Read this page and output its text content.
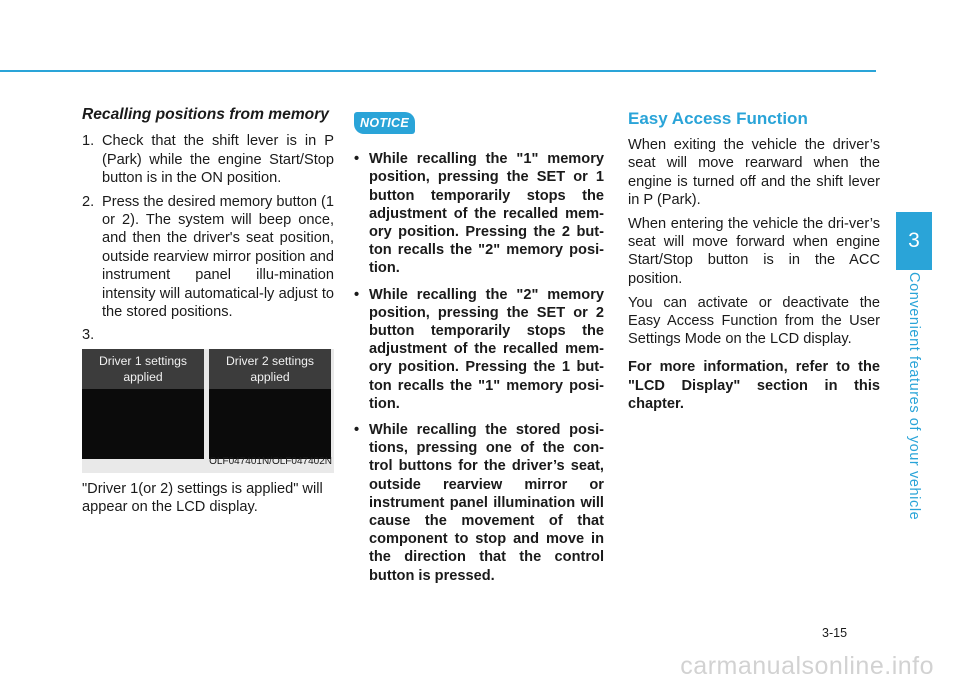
Recalling positions from memory
1. Check that the shift lever is in P (Park) while the engine Start/Stop button is in the ON position.
2. Press the desired memory button (1 or 2). The system will beep once, and then the driver's seat position, outside rearview mirror position and instrument panel illu-mination intensity will automatical-ly adjust to the stored positions.
3.
Driver 1 settings
applied
Driver 2 settings
applied
OLF047401N/OLF047402N
"Driver 1(or 2) settings is applied" will appear on the LCD display.
NOTICE
• While recalling the "1" memory position, pressing the SET or 1 button temporarily stops the adjustment of the recalled mem-ory position. Pressing the 2 but-ton recalls the "2" memory posi-tion.
• While recalling the "2" memory position, pressing the SET or 2 button temporarily stops the adjustment of the recalled mem-ory position. Pressing the 1 but-ton recalls the "1" memory posi-tion.
• While recalling the stored posi-tions, pressing one of the con-trol buttons for the driver’s seat, outside rearview mirror or instrument panel illumination will cause the movement of that component to stop and move in the direction that the control button is pressed.
Easy Access Function

When exiting the vehicle the driver’s seat will move rearward when the engine is turned off and the shift lever in P (Park).

When entering the vehicle the dri-ver’s seat will move forward when engine Start/Stop button is in the ACC position.

You can activate or deactivate the Easy Access Function from the User Settings Mode on the LCD display.

For more information, refer to the "LCD Display" section in this chapter.

3
Convenient features of your vehicle
3-15
carmanualsonline.info
